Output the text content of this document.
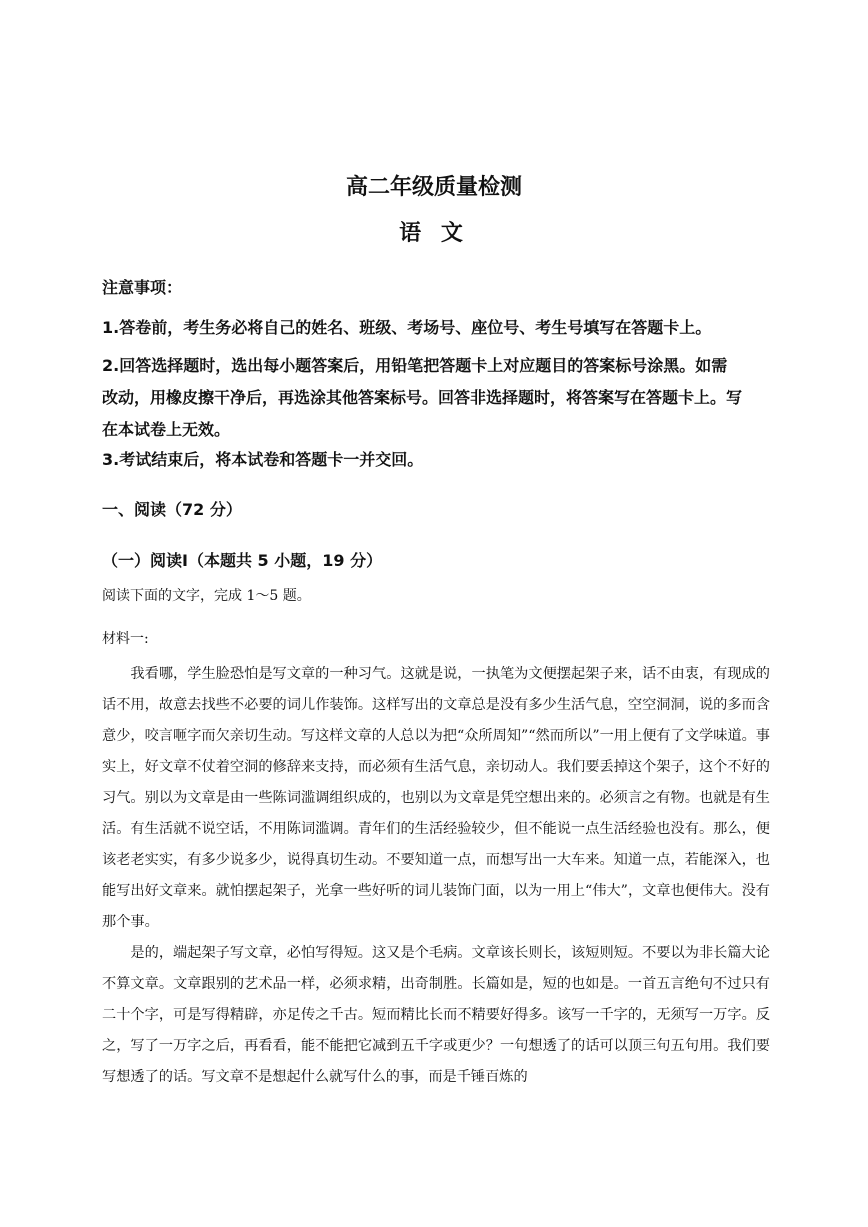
高二年级质量检测
语 文
注意事项：
1.答卷前，考生务必将自己的姓名、班级、考场号、座位号、考生号填写在答题卡上。
2.回答选择题时，选出每小题答案后，用铅笔把答题卡上对应题目的答案标号涂黑。如需改动，用橡皮擦干净后，再选涂其他答案标号。回答非选择题时，将答案写在答题卡上。写在本试卷上无效。
3.考试结束后，将本试卷和答题卡一并交回。
一、阅读（72 分）
（一）阅读Ⅰ（本题共 5 小题，19 分）
阅读下面的文字，完成 1～5 题。
材料一:

我看哪，学生脸恐怕是写文章的一种习气。这就是说，一执笔为文便摆起架子来，话不由衷，有现成的话不用，故意去找些不必要的词儿作装饰。这样写出的文章总是没有多少生活气息，空空洞洞，说的多而含意少，咬言咂字而欠亲切生动。写这样文章的人总以为把“众所周知”“然而所以”一用上便有了文学味道。事实上，好文章不仗着空洞的修辞来支持，而必须有生活气息，亲切动人。我们要丢掉这个架子，这个不好的习气。别以为文章是由一些陈词滥调组织成的，也别以为文章是凭空想出来的。必须言之有物。也就是有生活。有生活就不说空话，不用陈词滥调。青年们的生活经验较少，但不能说一点生活经验也没有。那么，便该老老实实，有多少说多少，说得真切生动。不要知道一点，而想写出一大车来。知道一点，若能深入，也能写出好文章来。就怕摆起架子，光拿一些好听的词儿装饰门面，以为一用上“伟大”，文章也便伟大。没有那个事。

是的，端起架子写文章，必怕写得短。这又是个毛病。文章该长则长，该短则短。不要以为非长篇大论不算文章。文章跟别的艺术品一样，必须求精，出奇制胜。长篇如是，短的也如是。一首五言绝句不过只有二十个字，可是写得精辟，亦足传之千古。短而精比长而不精要好得多。该写一千字的，无须写一万字。反之，写了一万字之后，再看看，能不能把它减到五千字或更少？一句想透了的话可以顶三句五句用。我们要写想透了的话。写文章不是想起什么就写什么的事，而是千锤百炼的
